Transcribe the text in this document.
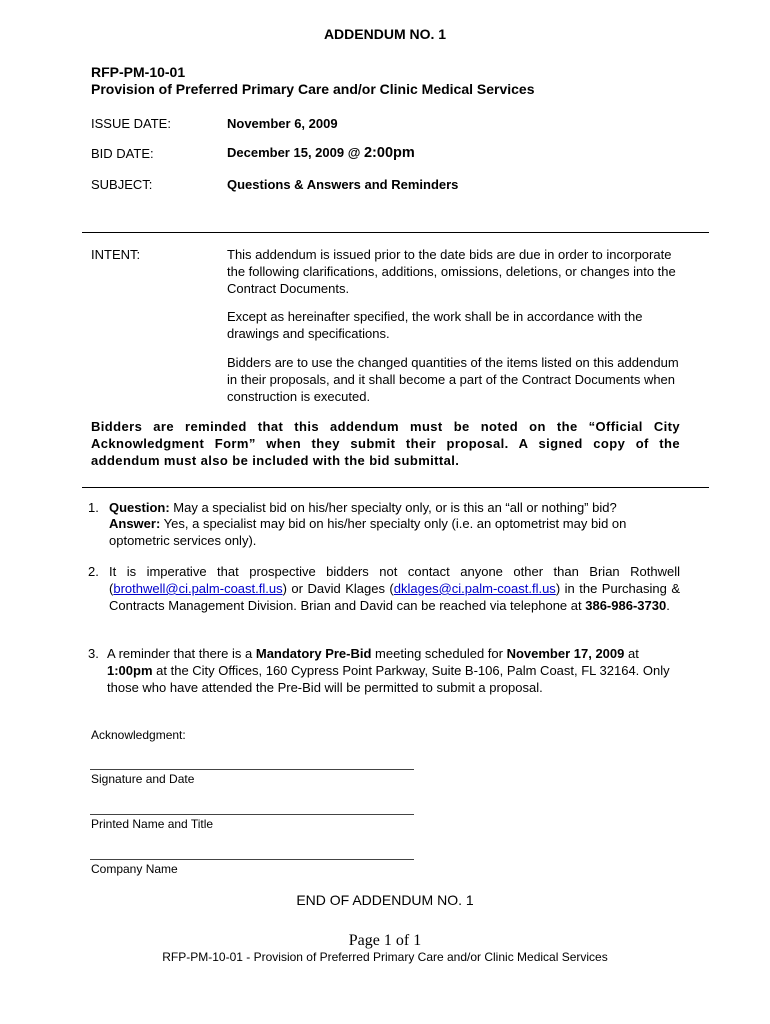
ADDENDUM NO. 1
RFP-PM-10-01
Provision of Preferred Primary Care and/or Clinic Medical Services
ISSUE DATE:	November 6, 2009
BID DATE:	December 15, 2009 @ 2:00pm
SUBJECT:	Questions & Answers and Reminders
INTENT:	This addendum is issued prior to the date bids are due in order to incorporate the following clarifications, additions, omissions, deletions, or changes into the Contract Documents.
Except as hereinafter specified, the work shall be in accordance with the drawings and specifications.
Bidders are to use the changed quantities of the items listed on this addendum in their proposals, and it shall become a part of the Contract Documents when construction is executed.
Bidders are reminded that this addendum must be noted on the “Official City Acknowledgment Form” when they submit their proposal. A signed copy of the addendum must also be included with the bid submittal.
1. Question: May a specialist bid on his/her specialty only, or is this an “all or nothing” bid?
Answer: Yes, a specialist may bid on his/her specialty only (i.e. an optometrist may bid on optometric services only).
2. It is imperative that prospective bidders not contact anyone other than Brian Rothwell (brothwell@ci.palm-coast.fl.us) or David Klages (dklages@ci.palm-coast.fl.us) in the Purchasing & Contracts Management Division. Brian and David can be reached via telephone at 386-986-3730.
3. A reminder that there is a Mandatory Pre-Bid meeting scheduled for November 17, 2009 at 1:00pm at the City Offices, 160 Cypress Point Parkway, Suite B-106, Palm Coast, FL 32164. Only those who have attended the Pre-Bid will be permitted to submit a proposal.
Acknowledgment:
Signature and Date
Printed Name and Title
Company Name
END OF ADDENDUM NO. 1
Page 1 of 1
RFP-PM-10-01 - Provision of Preferred Primary Care and/or Clinic Medical Services
